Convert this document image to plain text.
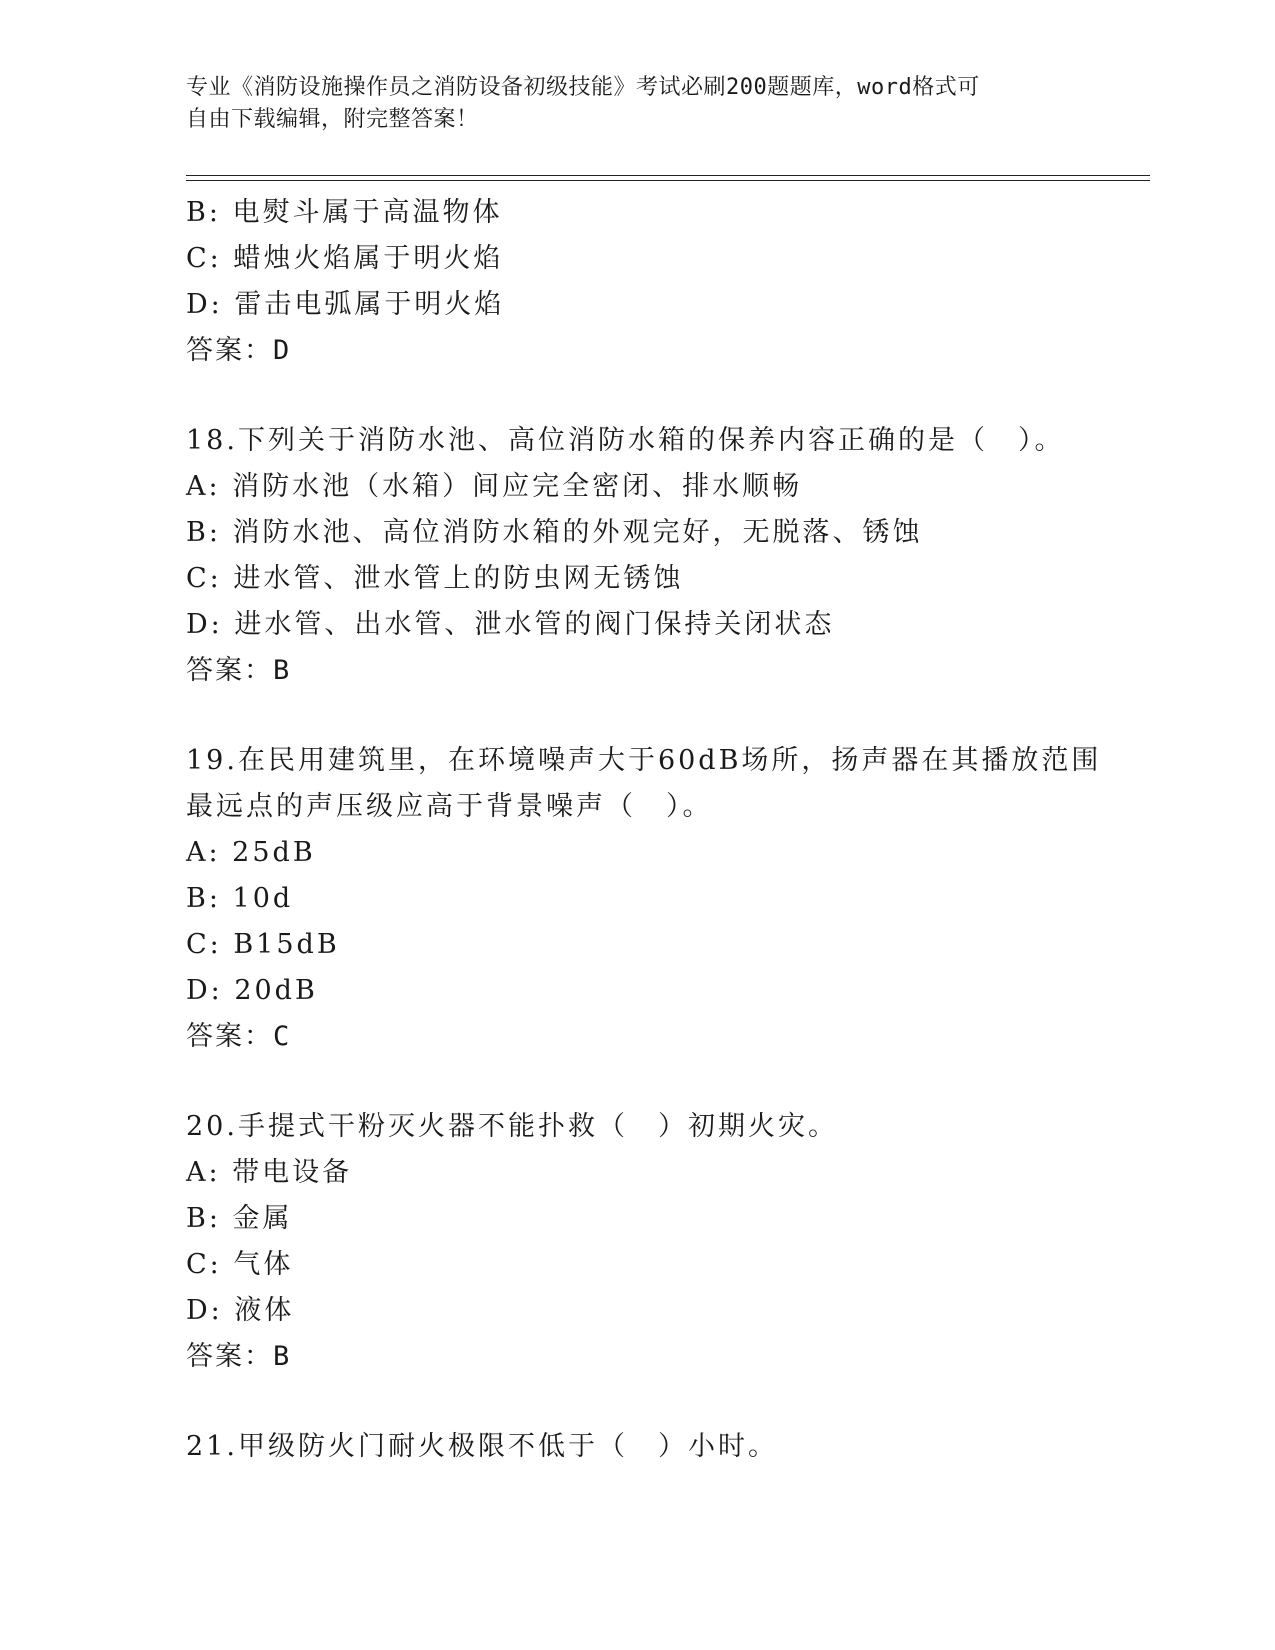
专业《消防设施操作员之消防设备初级技能》考试必刷200题题库，word格式可
自由下载编辑，附完整答案！
B: 电熨斗属于高温物体
C: 蜡烛火焰属于明火焰
D: 雷击电弧属于明火焰
答案：D
18.下列关于消防水池、高位消防水箱的保养内容正确的是（　）。
A: 消防水池（水箱）间应完全密闭、排水顺畅
B: 消防水池、高位消防水箱的外观完好，无脱落、锈蚀
C: 进水管、泄水管上的防虫网无锈蚀
D: 进水管、出水管、泄水管的阀门保持关闭状态
答案：B
19.在民用建筑里，在环境噪声大于60dB场所，扬声器在其播放范围
最远点的声压级应高于背景噪声（　）。
A: 25dB
B: 10d
C: B15dB
D: 20dB
答案：C
20.手提式干粉灭火器不能扑救（　）初期火灾。
A: 带电设备
B: 金属
C: 气体
D: 液体
答案：B
21.甲级防火门耐火极限不低于（　）小时。
